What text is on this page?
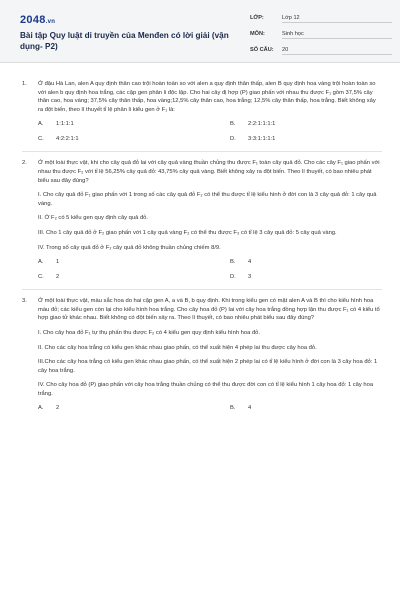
2048.vn
Bài tập Quy luật di truyền của Menđen có lời giải (vận dụng- P2)
LỚP:	Lớp 12
MÔN:	Sinh học
SỐ CÂU:	20
1. Ở đậu Hà Lan, alen A quy định thân cao trội hoàn toàn so với alen a quy định thân thấp, alen B quy định hoa vàng trội hoàn toàn so với alen b quy định hoa trắng, các cặp gen phân li độc lập. Cho hai cây đị hợp (P) giao phấn với nhau thu được F₁ gồm 37,5% cây thân cao, hoa vàng; 37,5% cây thân thấp, hoa vàng;12,5% cây thân cao, hoa trắng; 12,5% cây thân thấp, hoa trắng. Biết không xảy ra đột biến, theo lí thuyết tỉ lệ phân li kiểu gen ở F₁ là:

A. 1:1:1:1	B. 2:2:1:1:1:1
C. 4:2:2:1:1	D. 3:3:1:1:1:1
2. Ở một loài thực vật, khi cho cây quả đỏ lai với cây quả vàng thuần chủng thu được F₁ toàn cây quả đỏ. Cho các cây F₁ giao phấn với nhau thu được F₂ với tỉ lệ 56,25% cây quả đỏ: 43,75% cây quả vàng. Biết không xảy ra đột biến. Theo lí thuyết, có bao nhiêu phát biểu sau đây đúng?

I. Cho cây quả đỏ F₁ giao phấn với 1 trong số các cây quả đỏ F₂ có thể thu được tỉ lệ kiểu hình ở đời con là 3 cây quả đỏ: 1 cây quả vàng.

II. Ở F₂ có 5 kiểu gen quy định cây quả đỏ.

III. Cho 1 cây quả đỏ ở F₂ giao phấn với 1 cây quả vàng F₂ có thể thu được F₃ có tỉ lệ 3 cây quả đỏ: 5 cây quả vàng.

IV. Trong số cây quả đỏ ở F₂ cây quả đỏ không thuần chủng chiếm 8/9.

A. 1	B. 4
C. 2	D. 3
3. Ở một loài thực vật, màu sắc hoa do hai cặp gen A, a và B, b quy định. Khi trong kiểu gen có mặt alen A và B thì cho kiểu hình hoa màu đỏ; các kiểu gen còn lại cho kiểu hình hoa trắng. Cho cây hoa đỏ (P) lai với cây hoa trắng đồng hợp lặn thu được F₁ có 4 kiểu tổ hợp giao tử khác nhau. Biết không có đột biến xảy ra. Theo lí thuyết, có bao nhiêu phát biểu sau đây đúng?

I. Cho cây hoa đỏ F₁ tự thụ phấn thu được F₂ có 4 kiểu gen quy định kiểu hình hoa đỏ.

II. Cho các cây hoa trắng có kiểu gen khác nhau giao phấn, có thể xuất hiện 4 phép lai thu được cây hoa đỏ.

III.Cho các cây hoa trắng có kiểu gen khác nhau giao phấn, có thể xuất hiện 2 phép lai có tỉ lệ kiểu hình ở đời con là 3 cây hoa đỏ: 1 cây hoa trắng.

IV. Cho cây hoa đỏ (P) giao phấn với cây hoa trắng thuần chủng có thể thu được đời con có tỉ lệ kiểu hình 1 cây hoa đỏ: 1 cây hoa trắng.

A. 2	B. 4
